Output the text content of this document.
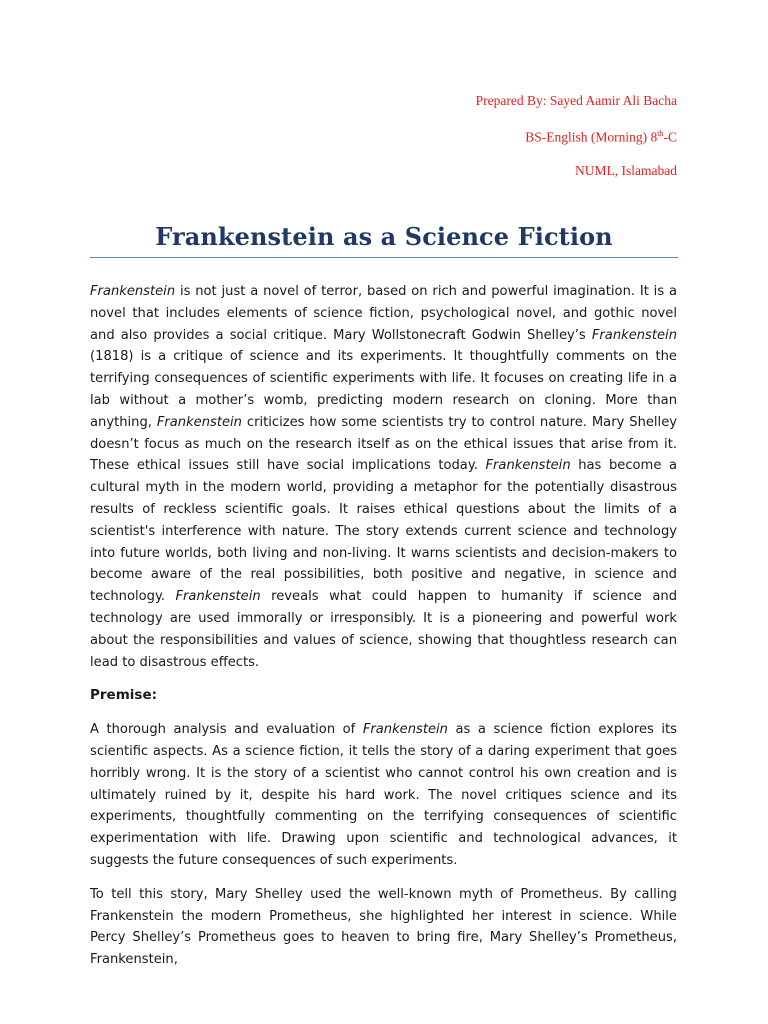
Prepared By: Sayed Aamir Ali Bacha

BS-English (Morning) 8th-C

NUML, Islamabad

Frankenstein as a Science Fiction

Frankenstein is not just a novel of terror, based on rich and powerful imagination. It is a novel that includes elements of science fiction, psychological novel, and gothic novel and also provides a social critique. Mary Wollstonecraft Godwin Shelley’s Frankenstein (1818) is a critique of science and its experiments. It thoughtfully comments on the terrifying consequences of scientific experiments with life. It focuses on creating life in a lab without a mother’s womb, predicting modern research on cloning. More than anything, Frankenstein criticizes how some scientists try to control nature. Mary Shelley doesn’t focus as much on the research itself as on the ethical issues that arise from it. These ethical issues still have social implications today. Frankenstein has become a cultural myth in the modern world, providing a metaphor for the potentially disastrous results of reckless scientific goals. It raises ethical questions about the limits of a scientist's interference with nature. The story extends current science and technology into future worlds, both living and non-living. It warns scientists and decision-makers to become aware of the real possibilities, both positive and negative, in science and technology. Frankenstein reveals what could happen to humanity if science and technology are used immorally or irresponsibly. It is a pioneering and powerful work about the responsibilities and values of science, showing that thoughtless research can lead to disastrous effects.

Premise:

A thorough analysis and evaluation of Frankenstein as a science fiction explores its scientific aspects. As a science fiction, it tells the story of a daring experiment that goes horribly wrong. It is the story of a scientist who cannot control his own creation and is ultimately ruined by it, despite his hard work. The novel critiques science and its experiments, thoughtfully commenting on the terrifying consequences of scientific experimentation with life. Drawing upon scientific and technological advances, it suggests the future consequences of such experiments.

To tell this story, Mary Shelley used the well-known myth of Prometheus. By calling Frankenstein the modern Prometheus, she highlighted her interest in science. While Percy Shelley’s Prometheus goes to heaven to bring fire, Mary Shelley’s Prometheus, Frankenstein,
